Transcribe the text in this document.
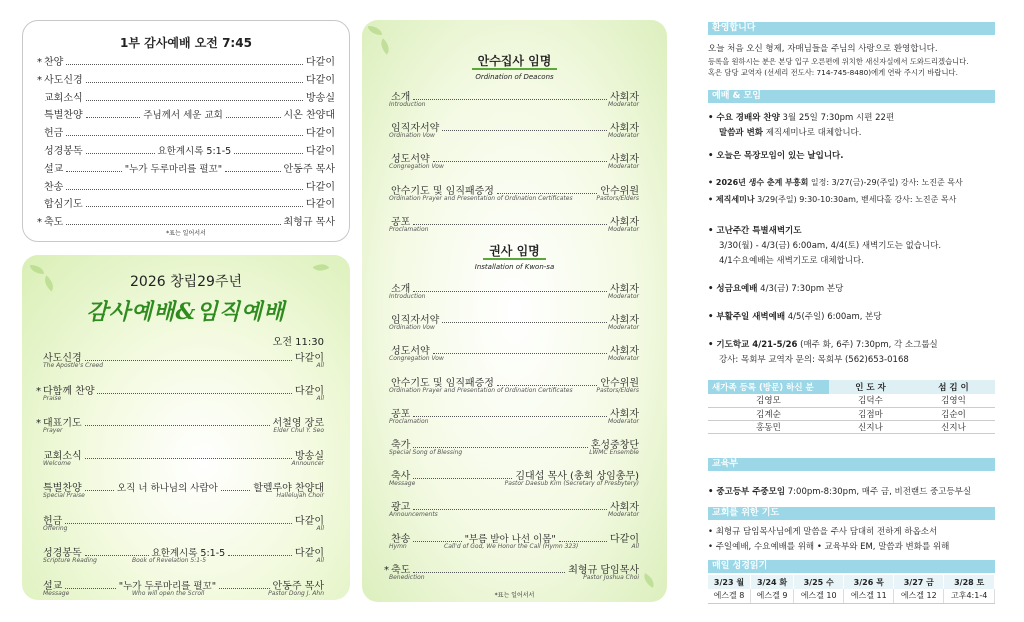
1부 감사예배 오전 7:45
* 찬양	다같이
* 사도신경	다같이
교회소식	방송실
특별찬양	주님께서 세운 교회	시온 찬양대
헌금	다같이
성경봉독	요한계시록 5:1-5	다같이
설교	"누가 두루마리를 펼꼬"	안동주 목사
찬송	다같이
합심기도	다같이
* 축도	최형규 목사
*표는 일어서서
2026 창립29주년
감사예배&임직예배
오전 11:30
사도신경	다같이
The Apostle's Creed	All
* 다함께 찬양	다같이
Praise	All
* 대표기도	서철영 장로
Prayer	Elder Chul Y. Seo
교회소식	방송실
Welcome	Announcer
특별찬양	오직 너 하나님의 사람아	할렐루야 찬양대
Special Praise	Hallelujah Choir
헌금	다같이
Offering	All
성경봉독	요한계시록 5:1-5	다같이
Scripture Reading	All
Book of Revelation 5:1-5
설교	"누가 두루마리를 펼꼬"	안동주 목사
Message	Pastor Dong J. Ahn
Who will open the Scroll
안수집사 임명
Ordination of Deacons
소개	사회자
Introduction	Moderator
임직자서약	사회자
Ordination Vow	Moderator
성도서약	사회자
Congregation Vow	Moderator
안수기도 및 임직패증정	안수위원
Ordination Prayer and Presentation of Ordination Certificates	Pastors/Elders
공포	사회자
Proclamation	Moderator
권사 임명
Installation of Kwon-sa
소개	사회자
Introduction	Moderator
임직자서약	사회자
Ordination Vow	Moderator
성도서약	사회자
Congregation Vow	Moderator
안수기도 및 임직패증정	안수위원
Ordination Prayer and Presentation of Ordination Certificates	Pastors/Elders
공포	사회자
Proclamation	Moderator
축가	혼성중창단
Special Song of Blessing	LWMC Ensemble
축사	김대섭 목사 (총회 상임총무)
Message	Pastor Daesub Kim (Secretary of Presbytery)
광고	사회자
Announcements	Moderator
찬송	"부름 받아 나선 이몸"	다같이
Hymn	All
Call'd of God, We Honor the Call (Hymn 323)
* 축도	최형규 담임목사
Benediction	Pastor Joshua Choi
*표는 일어서서
환영합니다
오늘 처음 오신 형제, 자매님들을 주님의 사랑으로 환영합니다.
등록을 원하시는 분은 본당 입구 오른편에 위치한 새신자실에서 도와드리겠습니다.
혹은 담당 교역자 (선세리 전도사: 714-745-8480)에게 연락 주시기 바랍니다.
예배 & 모임
• 수요 경배와 찬양 3월 25일 7:30pm 시편 22편
말씀과 변화 제직세미나로 대체합니다.
• 오늘은 목장모임이 있는 날입니다.
• 2026년 생수 춘계 부흥회 일정: 3/27(금)-29(주일) 강사: 노진준 목사
• 제직세미나 3/29(주일) 9:30-10:30am, 벧세다홀 강사: 노진준 목사
• 고난주간 특별새벽기도
3/30(월) - 4/3(금) 6:00am, 4/4(토) 새벽기도는 없습니다.
4/1수요예배는 새벽기도로 대체합니다.
• 성금요예배 4/3(금) 7:30pm 본당
• 부활주일 새벽예배 4/5(주일) 6:00am, 본당
• 기도학교 4/21-5/26 (매주 화, 6주) 7:30pm, 각 소그룹실
강사: 목회부 교역자 문의: 목회부 (562)653-0168
새가족 등록 (방문) 하신 분	인 도 자	섬 김 이
김영모	김덕수	김영익
김계순	김점마	김순이
홍동민	신지나	신지나
교육부
• 중고등부 주중모임 7:00pm-8:30pm, 매주 금, 비전랜드 중고등부실
교회를 위한 기도
• 최형규 담임목사님에게 말씀을 주사 담대히 전하게 하옵소서
• 주일예배, 수요예배를 위해 • 교육부와 EM, 말씀과 변화를 위해
매일 성경읽기
3/23 월	3/24 화	3/25 수	3/26 목	3/27 금	3/28 토
에스겔 8	에스겔 9	에스겔 10	에스겔 11	에스겔 12	고후4:1-4
